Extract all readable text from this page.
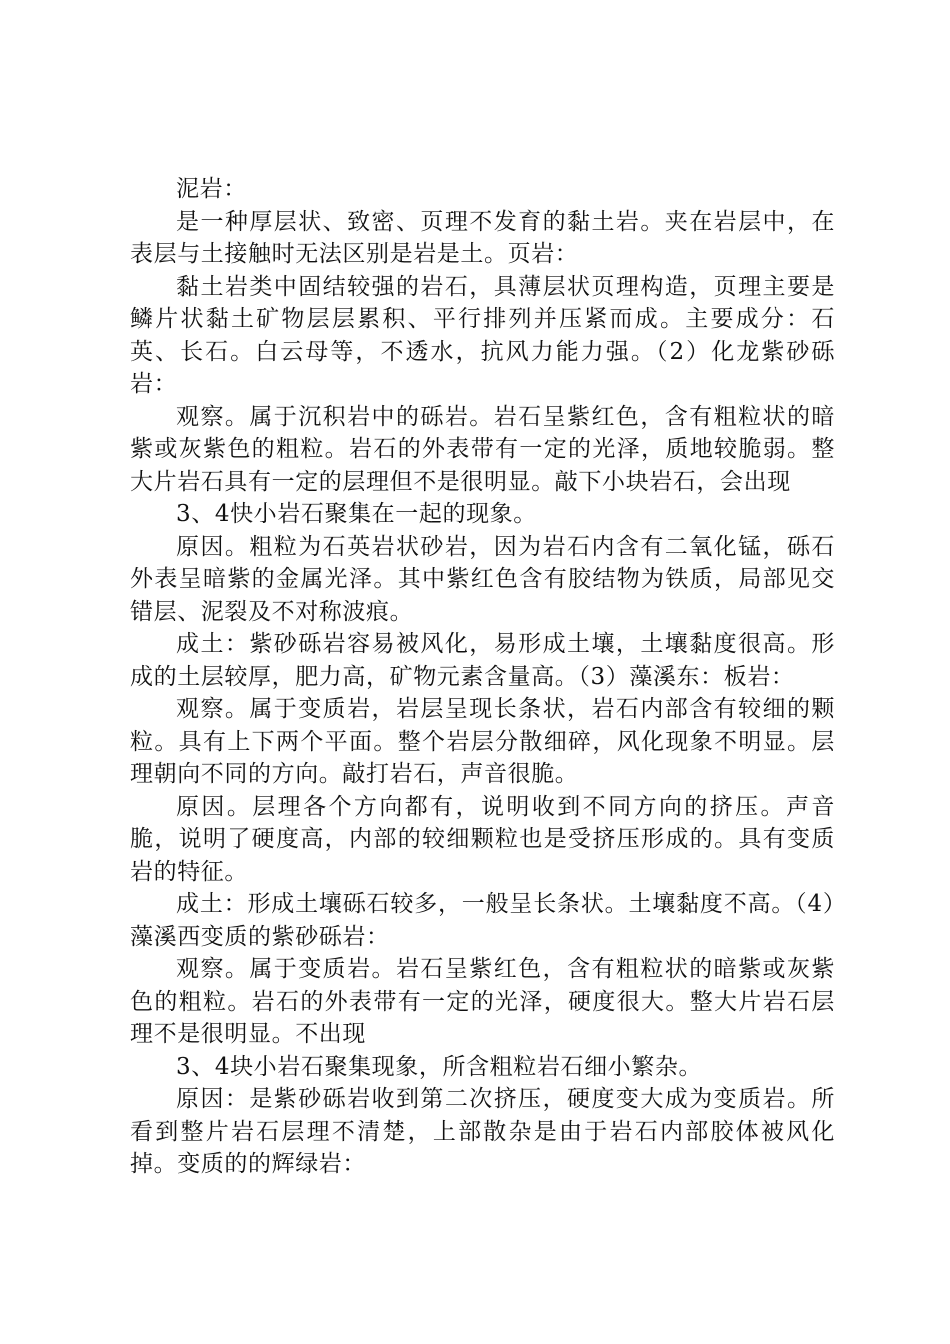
泥岩：

是一种厚层状、致密、页理不发育的黏土岩。夹在岩层中，在表层与土接触时无法区别是岩是土。页岩：

黏土岩类中固结较强的岩石，具薄层状页理构造，页理主要是鳞片状黏土矿物层层累积、平行排列并压紧而成。主要成分：石英、长石。白云母等，不透水，抗风力能力强。（2）化龙紫砂砾岩：

观察。属于沉积岩中的砾岩。岩石呈紫红色，含有粗粒状的暗紫或灰紫色的粗粒。岩石的外表带有一定的光泽，质地较脆弱。整大片岩石具有一定的层理但不是很明显。敲下小块岩石，会出现

3、4快小岩石聚集在一起的现象。

原因。粗粒为石英岩状砂岩，因为岩石内含有二氧化锰，砾石外表呈暗紫的金属光泽。其中紫红色含有胶结物为铁质，局部见交错层、泥裂及不对称波痕。

成土：紫砂砾岩容易被风化，易形成土壤，土壤黏度很高。形成的土层较厚，肥力高，矿物元素含量高。（3）藻溪东：板岩：

观察。属于变质岩，岩层呈现长条状，岩石内部含有较细的颗粒。具有上下两个平面。整个岩层分散细碎，风化现象不明显。层理朝向不同的方向。敲打岩石，声音很脆。

原因。层理各个方向都有，说明收到不同方向的挤压。声音脆，说明了硬度高，内部的较细颗粒也是受挤压形成的。具有变质岩的特征。

成土：形成土壤砾石较多，一般呈长条状。土壤黏度不高。（4）藻溪西变质的紫砂砾岩：

观察。属于变质岩。岩石呈紫红色，含有粗粒状的暗紫或灰紫色的粗粒。岩石的外表带有一定的光泽，硬度很大。整大片岩石层理不是很明显。不出现

3、4块小岩石聚集现象，所含粗粒岩石细小繁杂。

原因：是紫砂砾岩收到第二次挤压，硬度变大成为变质岩。所看到整片岩石层理不清楚，上部散杂是由于岩石内部胶体被风化掉。变质的的辉绿岩：
